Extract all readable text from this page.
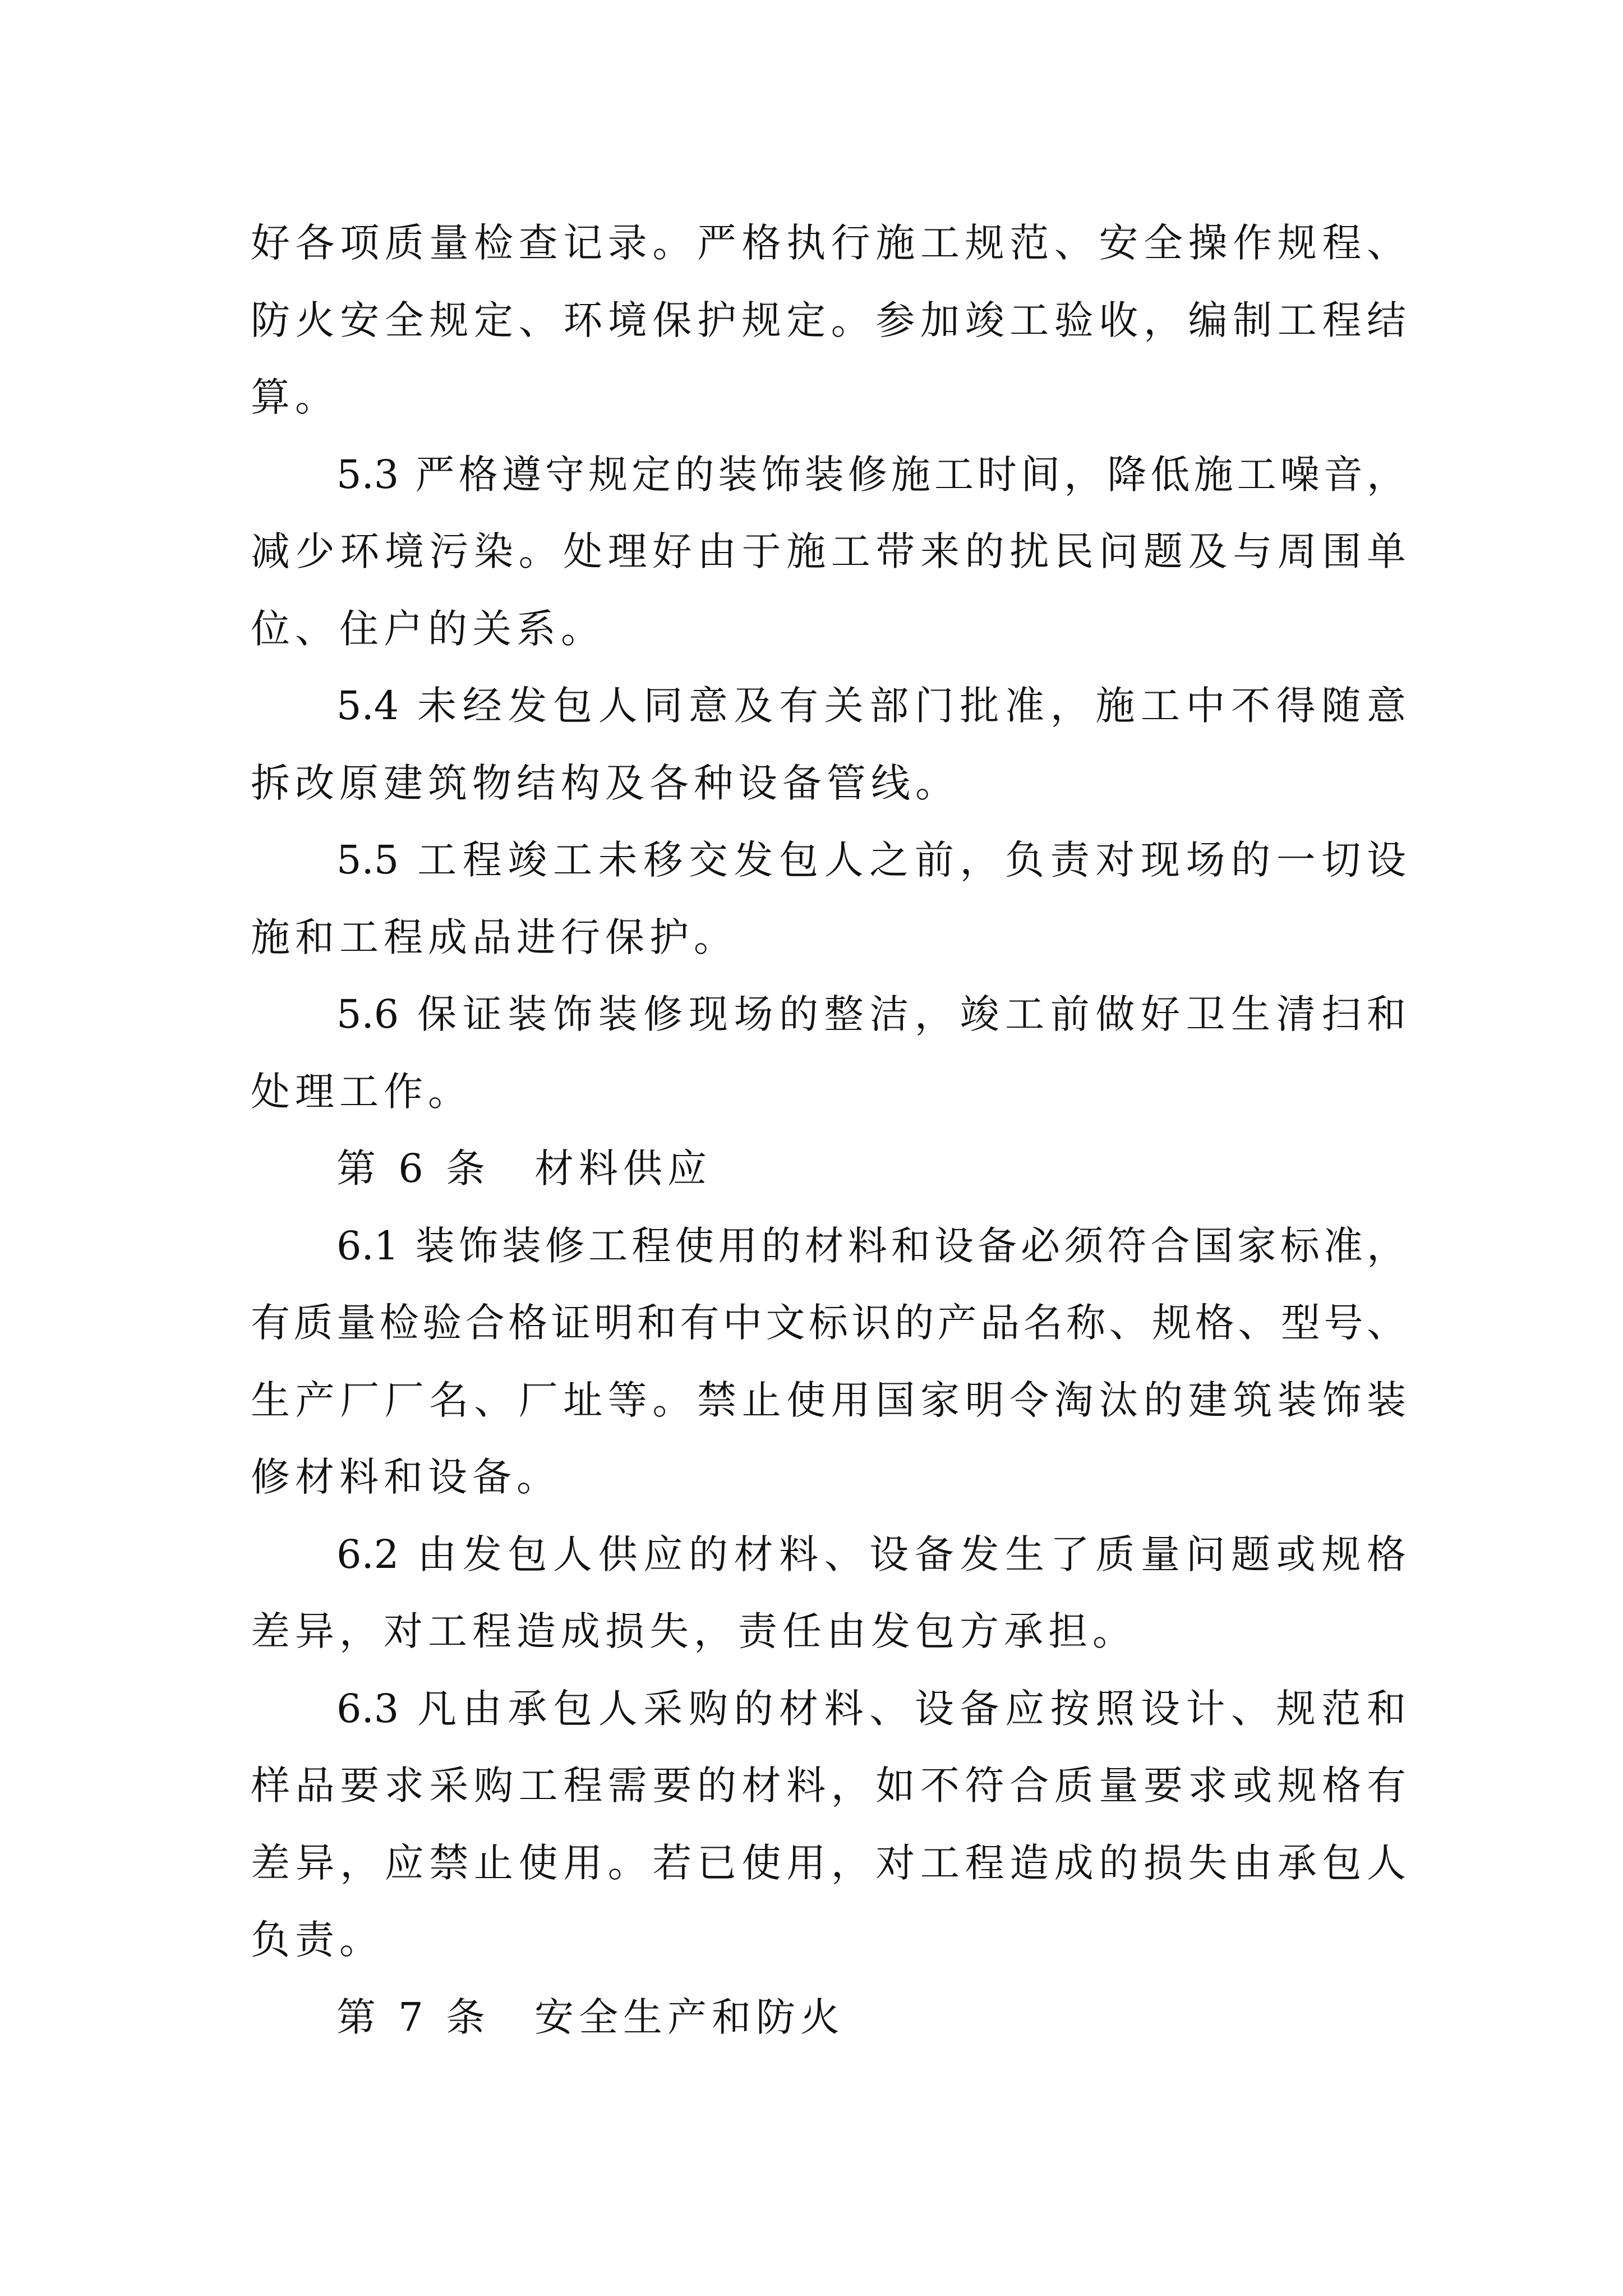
好各项质量检查记录。严格执行施工规范、安全操作规程、
防火安全规定、环境保护规定。参加竣工验收，编制工程结
算。
5.3 严格遵守规定的装饰装修施工时间，降低施工噪音，
减少环境污染。处理好由于施工带来的扰民问题及与周围单
位、住户的关系。
5.4 未经发包人同意及有关部门批准，施工中不得随意
拆改原建筑物结构及各种设备管线。
5.5 工程竣工未移交发包人之前，负责对现场的一切设
施和工程成品进行保护。
5.6 保证装饰装修现场的整洁，竣工前做好卫生清扫和
处理工作。
第 6 条　材料供应
6.1 装饰装修工程使用的材料和设备必须符合国家标准，
有质量检验合格证明和有中文标识的产品名称、规格、型号、
生产厂厂名、厂址等。禁止使用国家明令淘汰的建筑装饰装
修材料和设备。
6.2 由发包人供应的材料、设备发生了质量问题或规格
差异，对工程造成损失，责任由发包方承担。
6.3 凡由承包人采购的材料、设备应按照设计、规范和
样品要求采购工程需要的材料，如不符合质量要求或规格有
差异，应禁止使用。若已使用，对工程造成的损失由承包人
负责。
第 7 条　安全生产和防火
